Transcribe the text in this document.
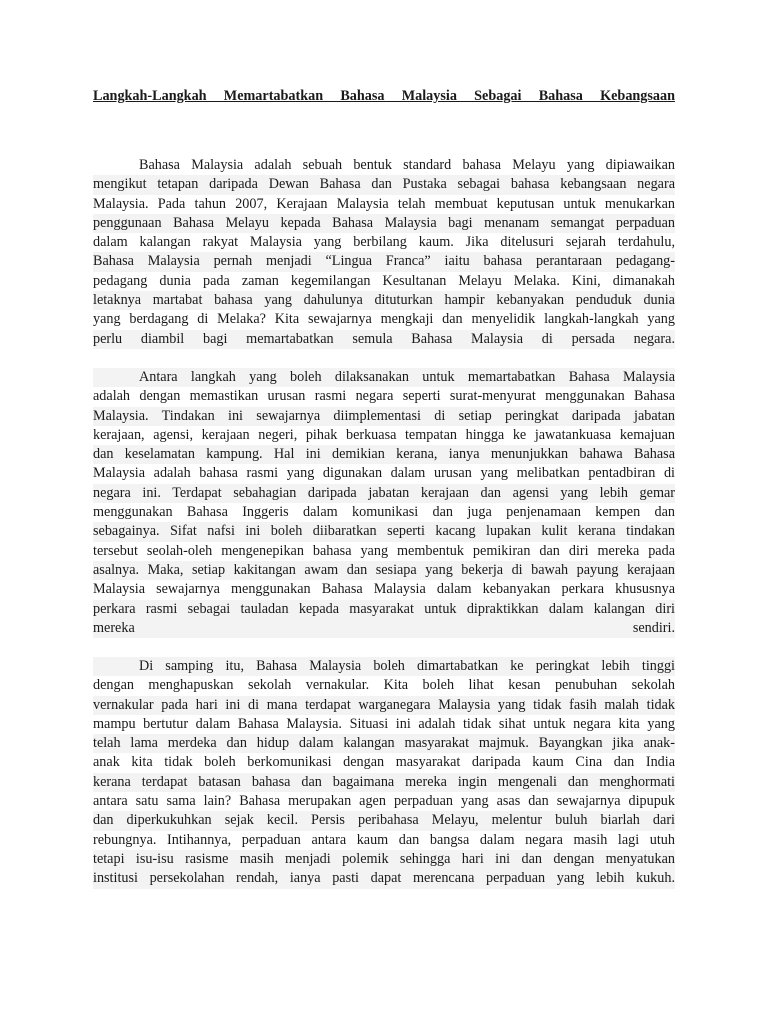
Langkah-Langkah Memartabatkan Bahasa Malaysia Sebagai Bahasa Kebangsaan
Bahasa Malaysia adalah sebuah bentuk standard bahasa Melayu yang dipiawaikan
mengikut tetapan daripada Dewan Bahasa dan Pustaka sebagai bahasa kebangsaan negara
Malaysia. Pada tahun 2007, Kerajaan Malaysia telah membuat keputusan untuk menukarkan
penggunaan Bahasa Melayu kepada Bahasa Malaysia bagi menanam semangat perpaduan
dalam kalangan rakyat Malaysia yang berbilang kaum. Jika ditelusuri sejarah terdahulu,
Bahasa Malaysia pernah menjadi “Lingua Franca” iaitu bahasa perantaraan pedagang-
pedagang dunia pada zaman kegemilangan Kesultanan Melayu Melaka. Kini, dimanakah
letaknya martabat bahasa yang dahulunya dituturkan hampir kebanyakan penduduk dunia
yang berdagang di Melaka? Kita sewajarnya mengkaji dan menyelidik langkah-langkah yang
perlu diambil bagi memartabatkan semula Bahasa Malaysia di persada negara.
Antara langkah yang boleh dilaksanakan untuk memartabatkan Bahasa Malaysia
adalah dengan memastikan urusan rasmi negara seperti surat-menyurat menggunakan Bahasa
Malaysia. Tindakan ini sewajarnya diimplementasi di setiap peringkat daripada jabatan
kerajaan, agensi, kerajaan negeri, pihak berkuasa tempatan hingga ke jawatankuasa kemajuan
dan keselamatan kampung. Hal ini demikian kerana, ianya menunjukkan bahawa Bahasa
Malaysia adalah bahasa rasmi yang digunakan dalam urusan yang melibatkan pentadbiran di
negara ini. Terdapat sebahagian daripada jabatan kerajaan dan agensi yang lebih gemar
menggunakan Bahasa Inggeris dalam komunikasi dan juga penjenamaan kempen dan
sebagainya. Sifat nafsi ini boleh diibaratkan seperti kacang lupakan kulit kerana tindakan
tersebut seolah-oleh mengenepikan bahasa yang membentuk pemikiran dan diri mereka pada
asalnya. Maka, setiap kakitangan awam dan sesiapa yang bekerja di bawah payung kerajaan
Malaysia sewajarnya menggunakan Bahasa Malaysia dalam kebanyakan perkara khususnya
perkara rasmi sebagai tauladan kepada masyarakat untuk dipraktikkan dalam kalangan diri
mereka sendiri.
Di samping itu, Bahasa Malaysia boleh dimartabatkan ke peringkat lebih tinggi
dengan menghapuskan sekolah vernakular. Kita boleh lihat kesan penubuhan sekolah
vernakular pada hari ini di mana terdapat warganegara Malaysia yang tidak fasih malah tidak
mampu bertutur dalam Bahasa Malaysia. Situasi ini adalah tidak sihat untuk negara kita yang
telah lama merdeka dan hidup dalam kalangan masyarakat majmuk. Bayangkan jika anak-
anak kita tidak boleh berkomunikasi dengan masyarakat daripada kaum Cina dan India
kerana terdapat batasan bahasa dan bagaimana mereka ingin mengenali dan menghormati
antara satu sama lain? Bahasa merupakan agen perpaduan yang asas dan sewajarnya dipupuk
dan diperkukuhkan sejak kecil. Persis peribahasa Melayu, melentur buluh biarlah dari
rebungnya. Intihannya, perpaduan antara kaum dan bangsa dalam negara masih lagi utuh
tetapi isu-isu rasisme masih menjadi polemik sehingga hari ini dan dengan menyatukan
institusi persekolahan rendah, ianya pasti dapat merencana perpaduan yang lebih kukuh.
